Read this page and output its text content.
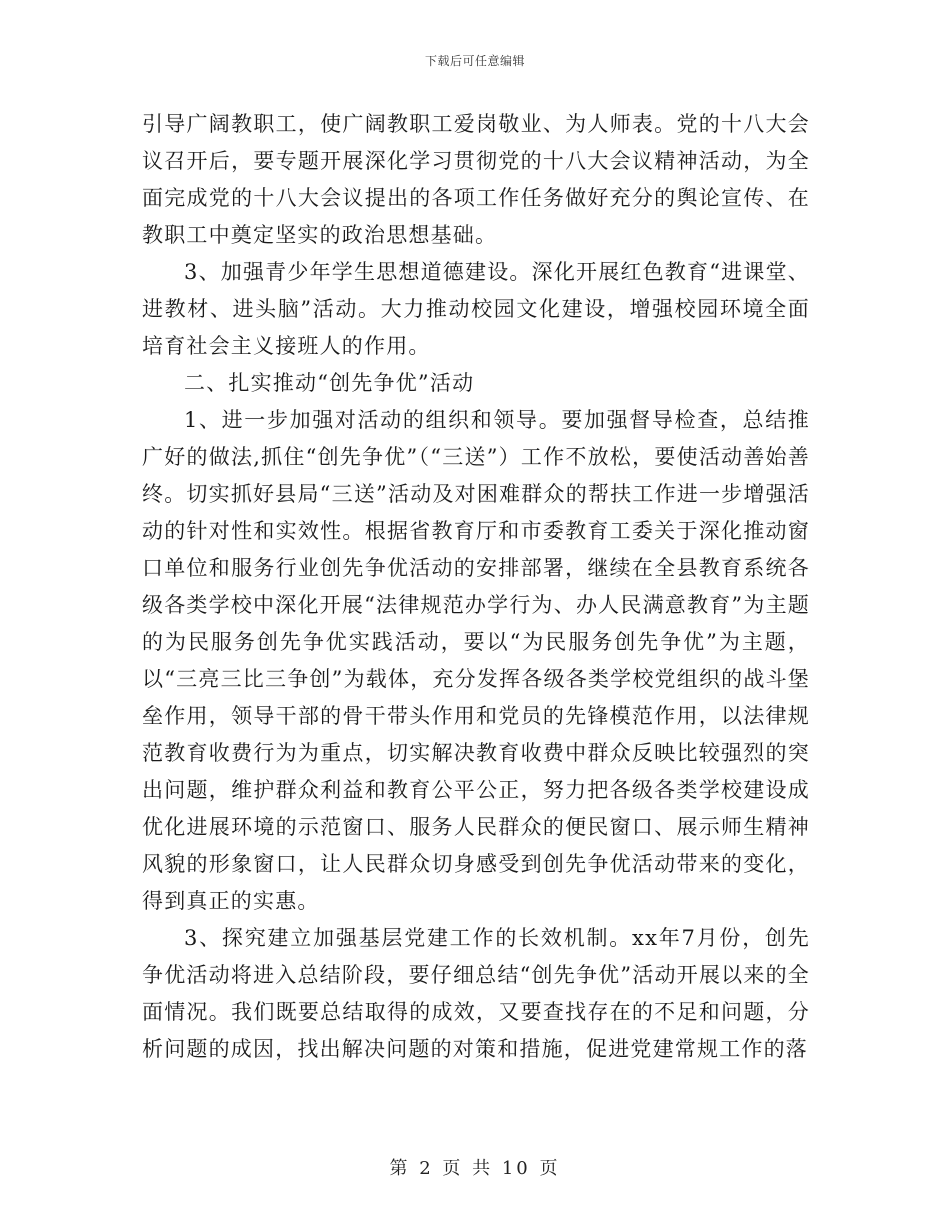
下载后可任意编辑

引导广阔教职工，使广阔教职工爱岗敬业、为人师表。党的十八大会议召开后，要专题开展深化学习贯彻党的十八大会议精神活动，为全面完成党的十八大会议提出的各项工作任务做好充分的舆论宣传、在教职工中奠定坚实的政治思想基础。

3、加强青少年学生思想道德建设。深化开展红色教育“进课堂、进教材、进头脑”活动。大力推动校园文化建设，增强校园环境全面培育社会主义接班人的作用。

二、扎实推动“创先争优”活动

1、进一步加强对活动的组织和领导。要加强督导检查，总结推广好的做法,抓住“创先争优”（“三送”）工作不放松，要使活动善始善终。切实抓好县局“三送”活动及对困难群众的帮扶工作进一步增强活动的针对性和实效性。根据省教育厅和市委教育工委关于深化推动窗口单位和服务行业创先争优活动的安排部署，继续在全县教育系统各级各类学校中深化开展“法律规范办学行为、办人民满意教育”为主题的为民服务创先争优实践活动，要以“为民服务创先争优”为主题，以“三亮三比三争创”为载体，充分发挥各级各类学校党组织的战斗堡垒作用，领导干部的骨干带头作用和党员的先锋模范作用，以法律规范教育收费行为为重点，切实解决教育收费中群众反映比较强烈的突出问题，维护群众利益和教育公平公正，努力把各级各类学校建设成优化进展环境的示范窗口、服务人民群众的便民窗口、展示师生精神风貌的形象窗口，让人民群众切身感受到创先争优活动带来的变化，得到真正的实惠。

3、探究建立加强基层党建工作的长效机制。xx年7月份，创先争优活动将进入总结阶段，要仔细总结“创先争优”活动开展以来的全面情况。我们既要总结取得的成效，又要查找存在的不足和问题，分析问题的成因，找出解决问题的对策和措施，促进党建常规工作的落

第 2 页 共 10 页
